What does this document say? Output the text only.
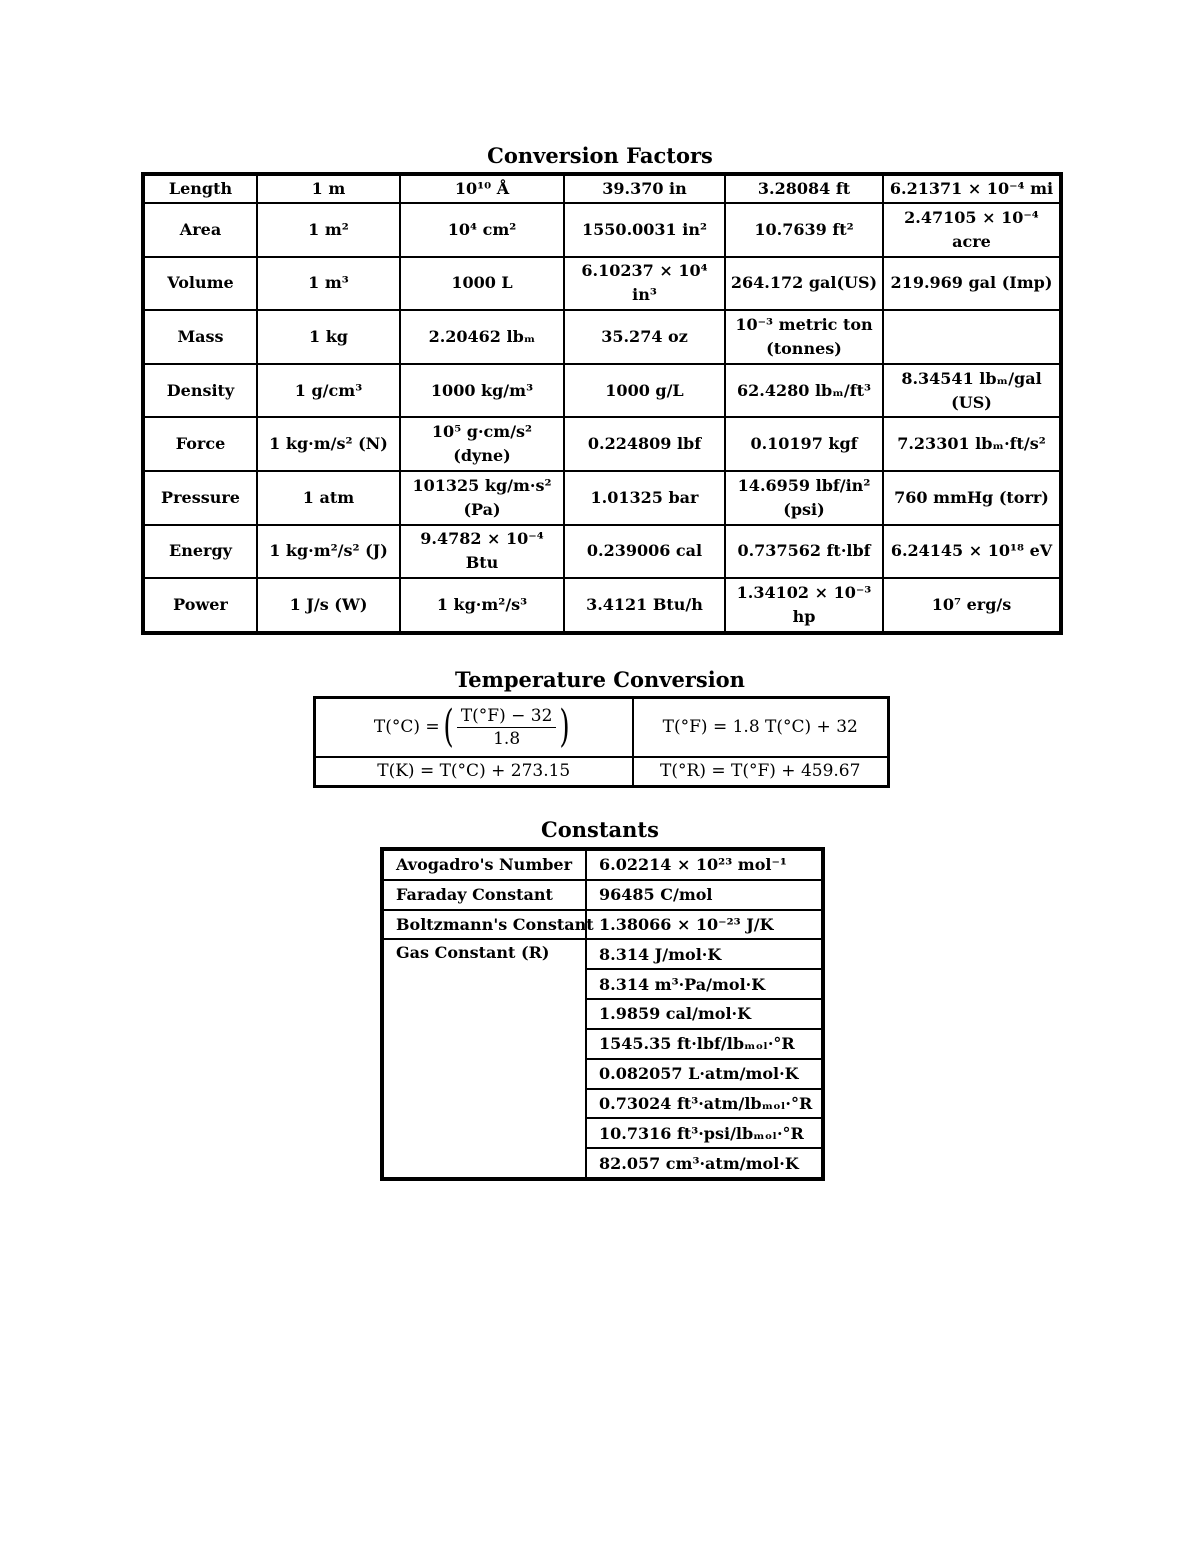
Conversion Factors
Length	1 m	10¹⁰ Å	39.370 in	3.28084 ft	6.21371 × 10⁻⁴ mi
Area	1 m²	10⁴ cm²	1550.0031 in²	10.7639 ft²	2.47105 × 10⁻⁴ acre
Volume	1 m³	1000 L	6.10237 × 10⁴ in³	264.172 gal(US)	219.969 gal (Imp)
Mass	1 kg	2.20462 lbₘ	35.274 oz	10⁻³ metric ton (tonnes)	
Density	1 g/cm³	1000 kg/m³	1000 g/L	62.4280 lbₘ/ft³	8.34541 lbₘ/gal (US)
Force	1 kg·m/s² (N)	10⁵ g·cm/s² (dyne)	0.224809 lbf	0.10197 kgf	7.23301 lbₘ·ft/s²
Pressure	1 atm	101325 kg/m·s² (Pa)	1.01325 bar	14.6959 lbf/in² (psi)	760 mmHg (torr)
Energy	1 kg·m²/s² (J)	9.4782 × 10⁻⁴ Btu	0.239006 cal	0.737562 ft·lbf	6.24145 × 10¹⁸ eV
Power	1 J/s (W)	1 kg·m²/s³	3.4121 Btu/h	1.34102 × 10⁻³ hp	10⁷ erg/s
Temperature Conversion
T(°C) = ( $\frac{T(^\circ F) - 32}{1.8}$ )	T(°F) = 1.8 T(°C) + 32
T(K) = T(°C) + 273.15	T(°R) = T(°F) + 459.67
Constants
Avogadro's Number	6.02214 × 10²³ mol⁻¹
Faraday Constant	96485 C/mol
Boltzmann's Constant	1.38066 × 10⁻²³ J/K
Gas Constant (R)	8.314 J/mol·K
	8.314 m³·Pa/mol·K
	1.9859 cal/mol·K
	1545.35 ft·lbf/lbₘₒₗ·°R
	0.082057 L·atm/mol·K
	0.73024 ft³·atm/lbₘₒₗ·°R
	10.7316 ft³·psi/lbₘₒₗ·°R
	82.057 cm³·atm/mol·K
